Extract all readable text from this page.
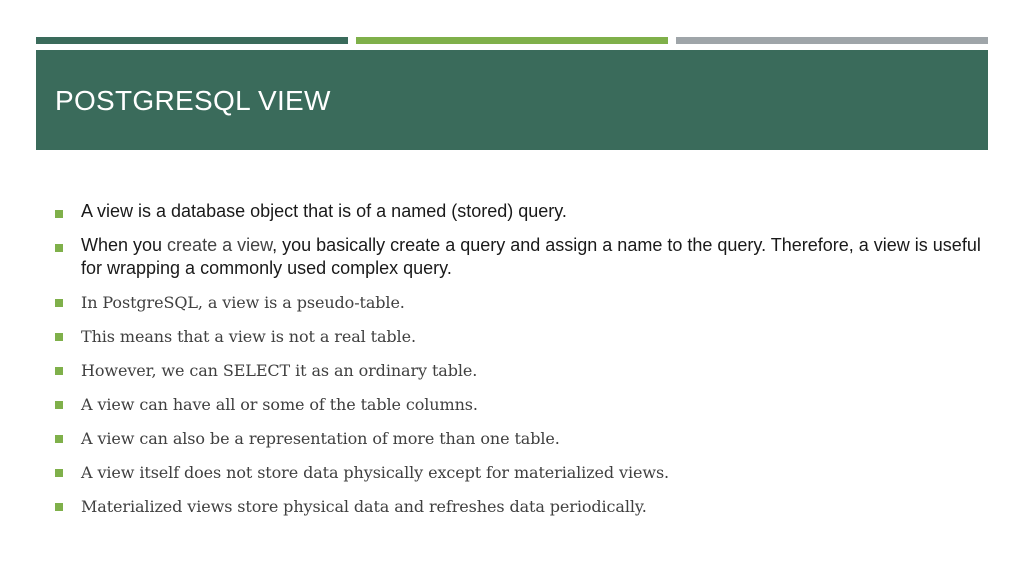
POSTGRESQL VIEW
A view is a database object that is of a named (stored) query.
When you create a view, you basically create a query and assign a name to the query. Therefore, a view is useful for wrapping a commonly used complex query.
In PostgreSQL, a view is a pseudo-table.
This means that a view is not a real table.
However, we can SELECT it as an ordinary table.
A view can have all or some of the table columns.
A view can also be a representation of more than one table.
A view itself does not store data physically except for materialized views.
Materialized views store physical data and refreshes data periodically.
